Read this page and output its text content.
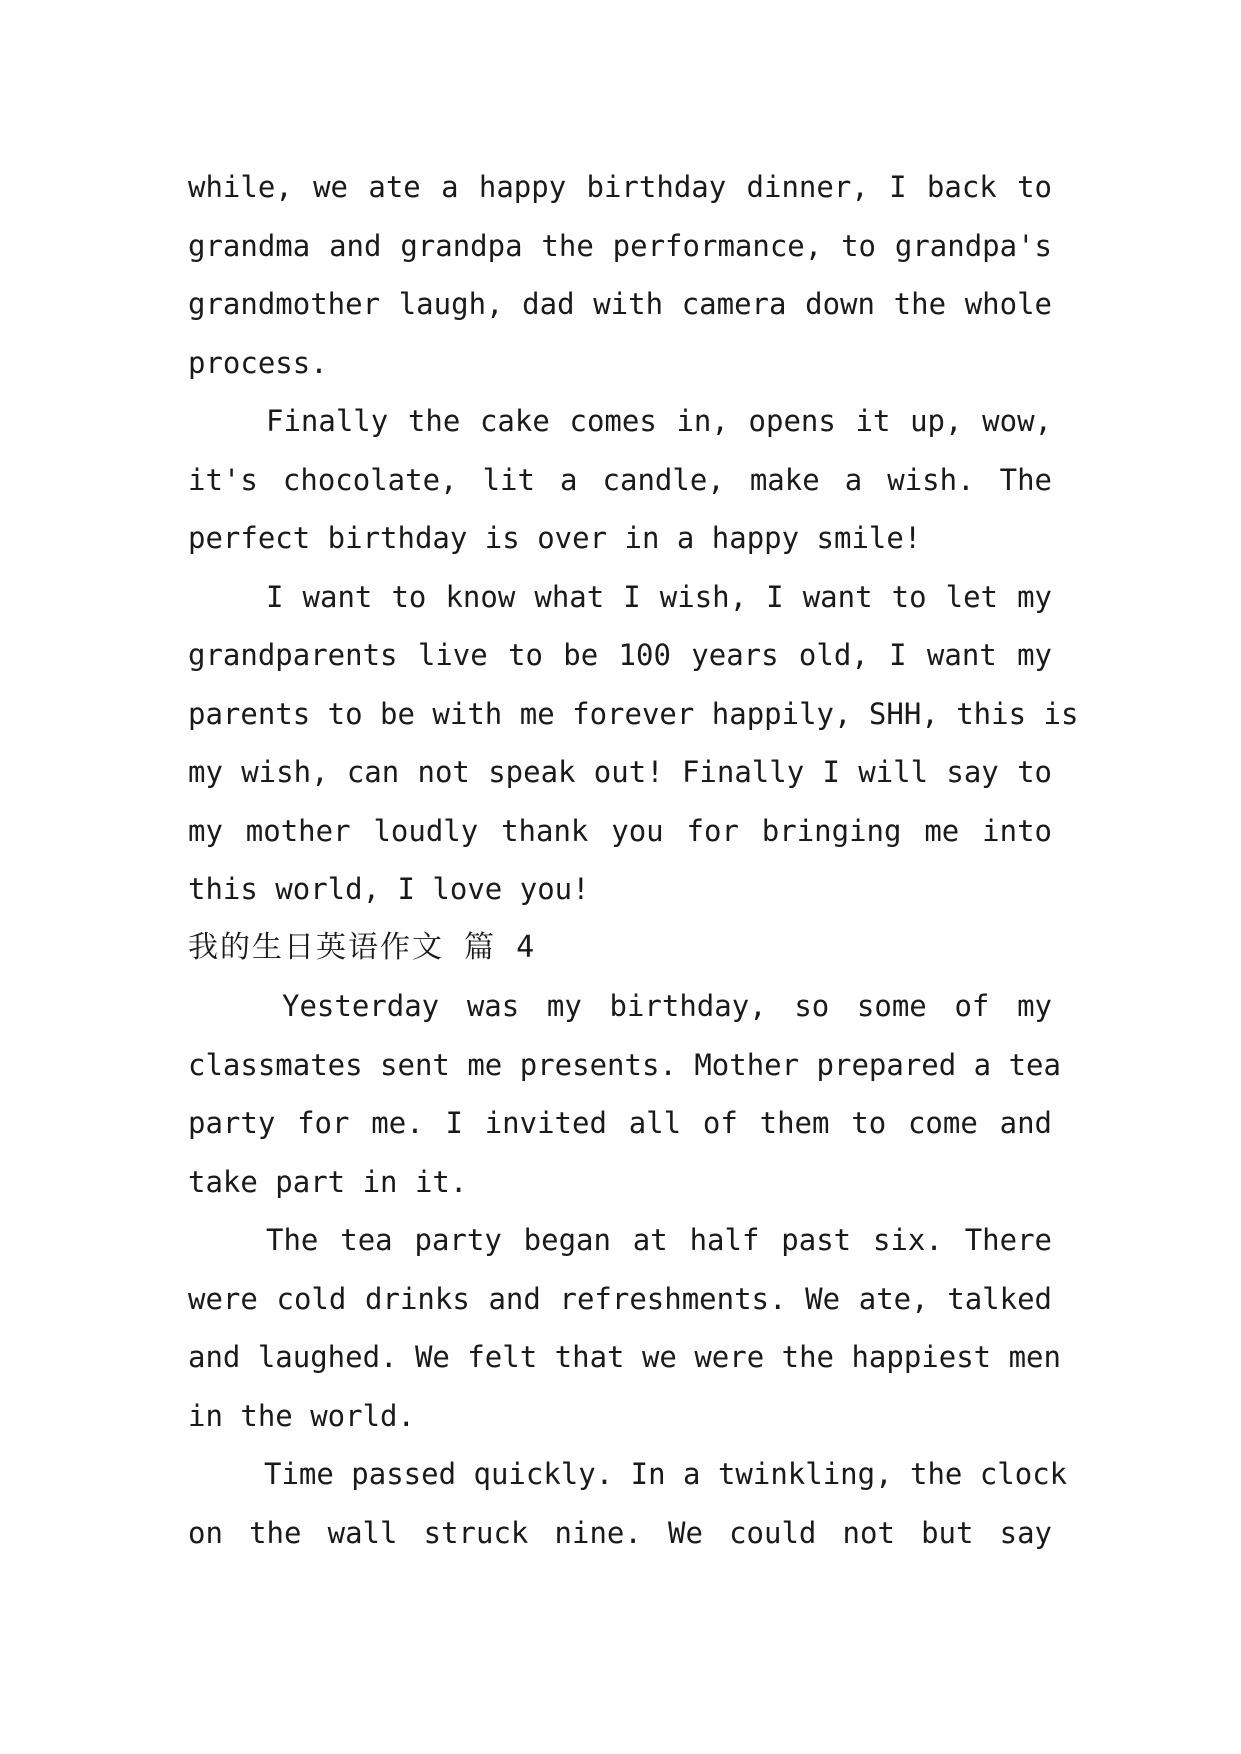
while, we ate a happy birthday dinner, I back to
grandma and grandpa the performance, to grandpa's
grandmother laugh, dad with camera down the whole
process.
Finally the cake comes in, opens it up, wow,
it's chocolate, lit a candle, make a wish. The
perfect birthday is over in a happy smile!
I want to know what I wish, I want to let my
grandparents live to be 100 years old, I want my
parents to be with me forever happily, SHH, this is
my wish, can not speak out! Finally I will say to
my mother loudly thank you for bringing me into
this world, I love you!
我的生日英语作文 篇 4
Yesterday was my birthday, so some of my
classmates sent me presents. Mother prepared a tea
party for me. I invited all of them to come and
take part in it.
The tea party began at half past six. There
were cold drinks and refreshments. We ate, talked
and laughed. We felt that we were the happiest men
in the world.
Time passed quickly. In a twinkling, the clock
on the wall struck nine. We could not but say
